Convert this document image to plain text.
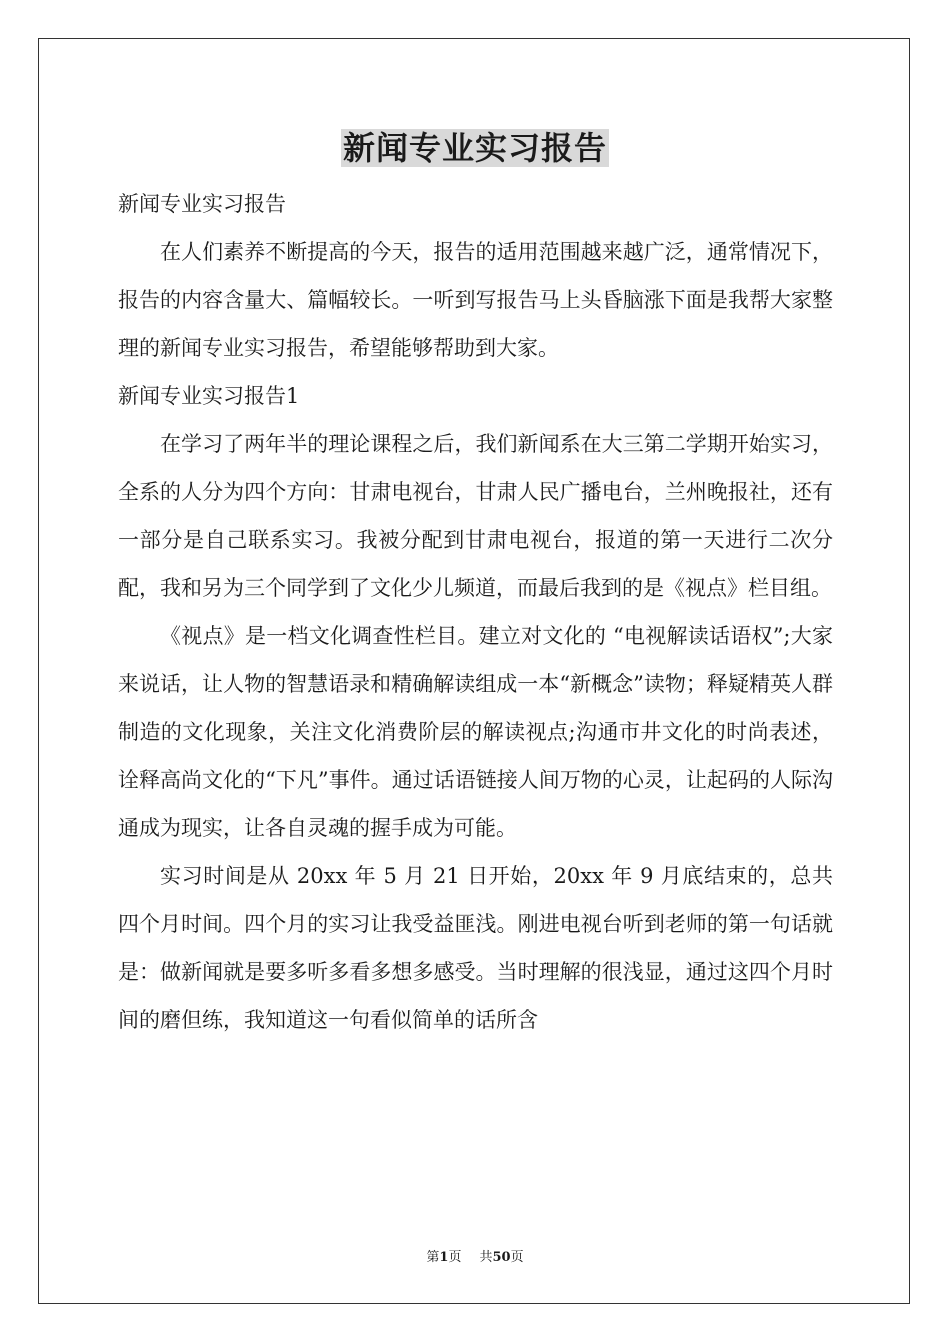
新闻专业实习报告

新闻专业实习报告

在人们素养不断提高的今天，报告的适用范围越来越广泛，通常情况下，报告的内容含量大、篇幅较长。一听到写报告马上头昏脑涨下面是我帮大家整理的新闻专业实习报告，希望能够帮助到大家。

新闻专业实习报告1

在学习了两年半的理论课程之后，我们新闻系在大三第二学期开始实习，全系的人分为四个方向：甘肃电视台，甘肃人民广播电台，兰州晚报社，还有一部分是自己联系实习。我被分配到甘肃电视台，报道的第一天进行二次分配，我和另为三个同学到了文化少儿频道，而最后我到的是《视点》栏目组。

《视点》是一档文化调查性栏目。建立对文化的 “电视解读话语权”;大家来说话，让人物的智慧语录和精确解读组成一本“新概念”读物；释疑精英人群制造的文化现象，关注文化消费阶层的解读视点;沟通市井文化的时尚表述，诠释高尚文化的“下凡”事件。通过话语链接人间万物的心灵，让起码的人际沟通成为现实，让各自灵魂的握手成为可能。

实习时间是从 20xx 年 5 月 21 日开始，20xx 年 9 月底结束的，总共四个月时间。四个月的实习让我受益匪浅。刚进电视台听到老师的第一句话就是：做新闻就是要多听多看多想多感受。当时理解的很浅显，通过这四个月时间的磨但练，我知道这一句看似简单的话所含

第1页 共50页
